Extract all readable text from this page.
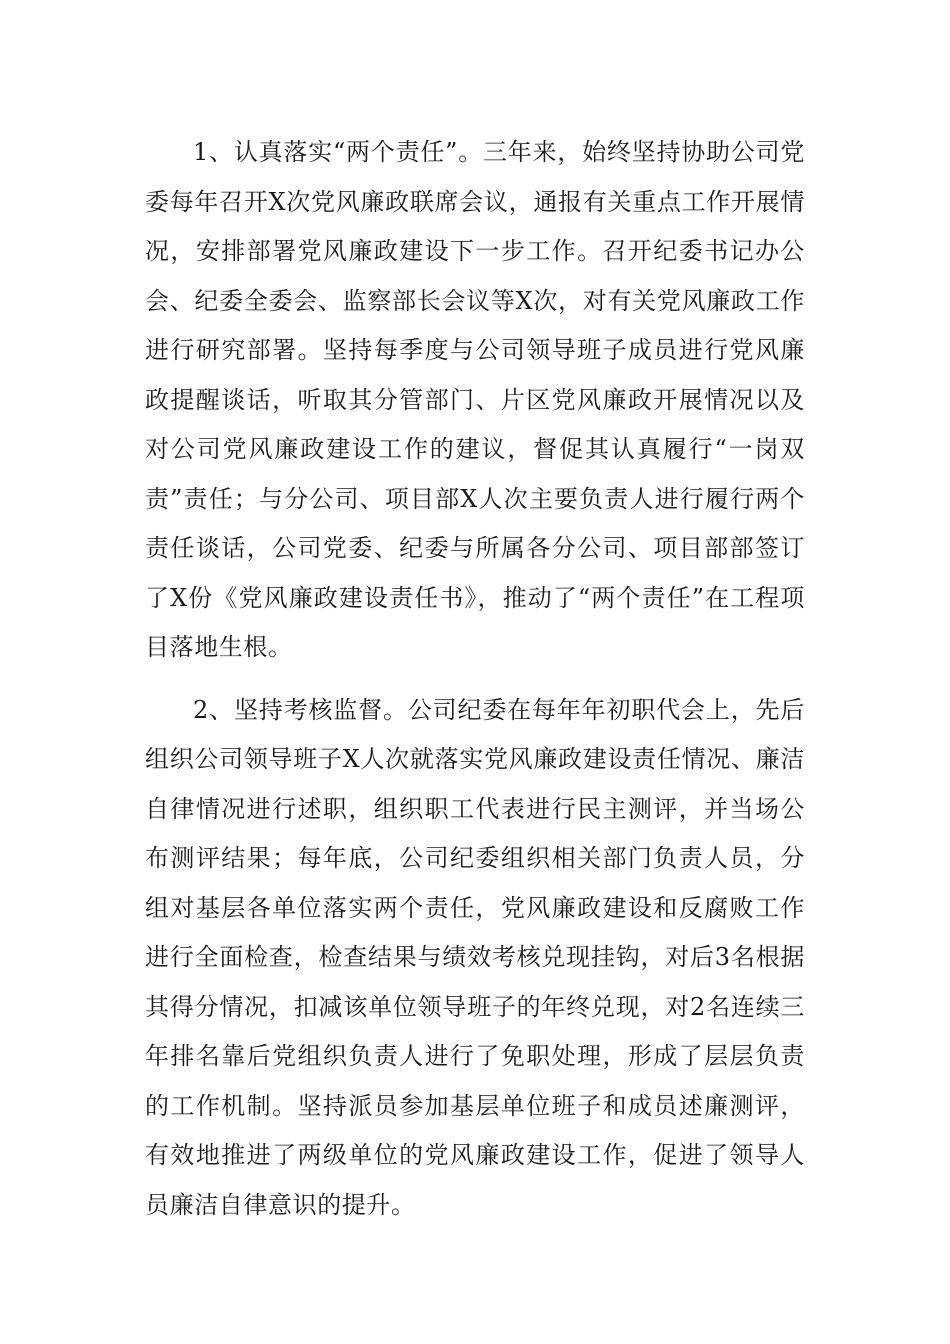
1、认真落实“两个责任”。三年来，始终坚持协助公司党委每年召开X次党风廉政联席会议，通报有关重点工作开展情况，安排部署党风廉政建设下一步工作。召开纪委书记办公会、纪委全委会、监察部长会议等X次，对有关党风廉政工作进行研究部署。坚持每季度与公司领导班子成员进行党风廉政提醒谈话，听取其分管部门、片区党风廉政开展情况以及对公司党风廉政建设工作的建议，督促其认真履行“一岗双责”责任；与分公司、项目部X人次主要负责人进行履行两个责任谈话，公司党委、纪委与所属各分公司、项目部部签订了X份《党风廉政建设责任书》，推动了“两个责任”在工程项目落地生根。

2、坚持考核监督。公司纪委在每年年初职代会上，先后组织公司领导班子X人次就落实党风廉政建设责任情况、廉洁自律情况进行述职，组织职工代表进行民主测评，并当场公布测评结果；每年底，公司纪委组织相关部门负责人员，分组对基层各单位落实两个责任，党风廉政建设和反腐败工作进行全面检查，检查结果与绩效考核兑现挂钩，对后3名根据其得分情况，扣减该单位领导班子的年终兑现，对2名连续三年排名靠后党组织负责人进行了免职处理，形成了层层负责的工作机制。坚持派员参加基层单位班子和成员述廉测评，有效地推进了两级单位的党风廉政建设工作，促进了领导人员廉洁自律意识的提升。
